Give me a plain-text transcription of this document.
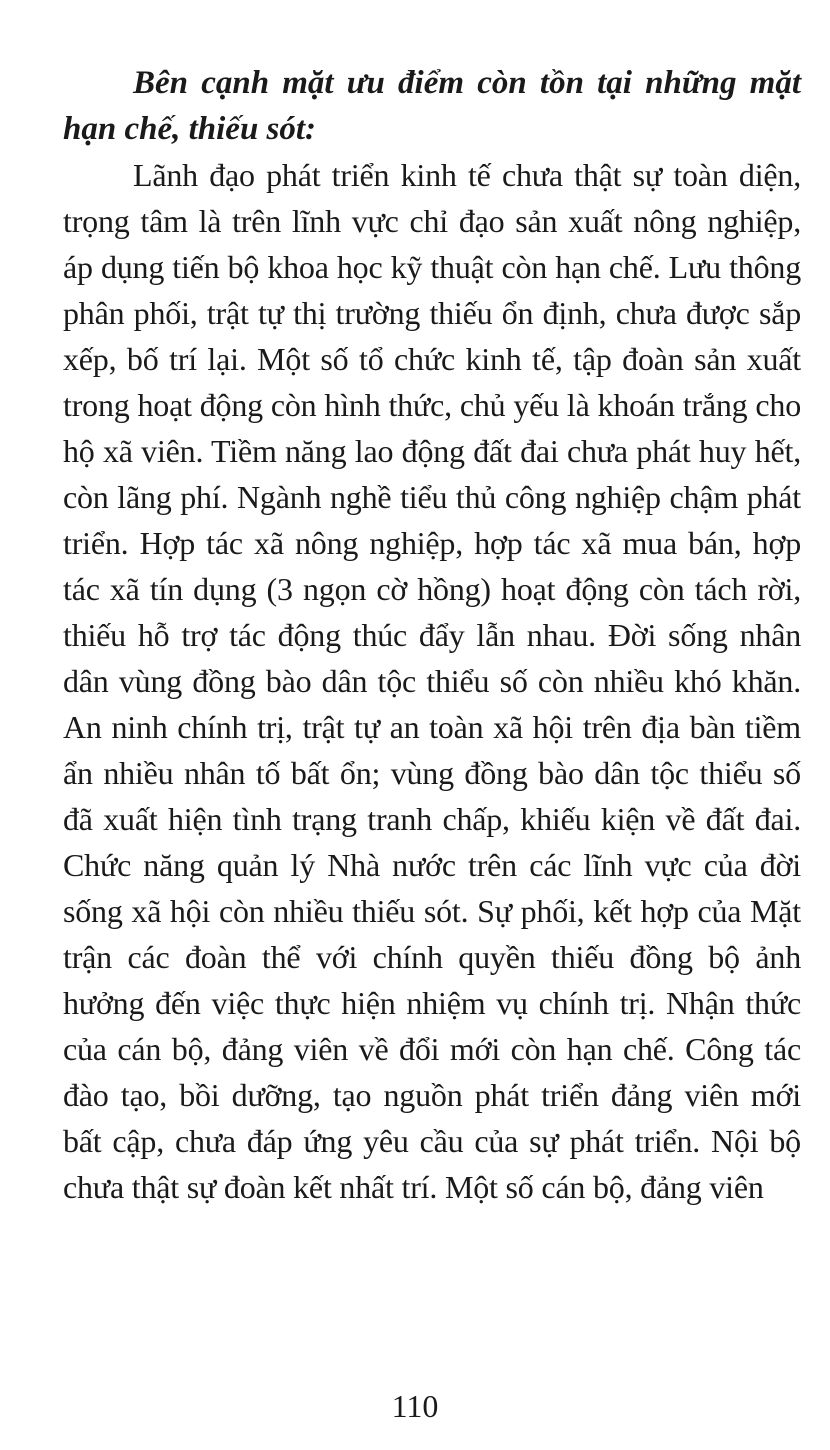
Bên cạnh mặt ưu điểm còn tồn tại những mặt hạn chế, thiếu sót:

Lãnh đạo phát triển kinh tế chưa thật sự toàn diện, trọng tâm là trên lĩnh vực chỉ đạo sản xuất nông nghiệp, áp dụng tiến bộ khoa học kỹ thuật còn hạn chế. Lưu thông phân phối, trật tự thị trường thiếu ổn định, chưa được sắp xếp, bố trí lại. Một số tổ chức kinh tế, tập đoàn sản xuất trong hoạt động còn hình thức, chủ yếu là khoán trắng cho hộ xã viên. Tiềm năng lao động đất đai chưa phát huy hết, còn lãng phí. Ngành nghề tiểu thủ công nghiệp chậm phát triển. Hợp tác xã nông nghiệp, hợp tác xã mua bán, hợp tác xã tín dụng (3 ngọn cờ hồng) hoạt động còn tách rời, thiếu hỗ trợ tác động thúc đẩy lẫn nhau. Đời sống nhân dân vùng đồng bào dân tộc thiểu số còn nhiều khó khăn. An ninh chính trị, trật tự an toàn xã hội trên địa bàn tiềm ẩn nhiều nhân tố bất ổn; vùng đồng bào dân tộc thiểu số đã xuất hiện tình trạng tranh chấp, khiếu kiện về đất đai. Chức năng quản lý Nhà nước trên các lĩnh vực của đời sống xã hội còn nhiều thiếu sót. Sự phối, kết hợp của Mặt trận các đoàn thể với chính quyền thiếu đồng bộ ảnh hưởng đến việc thực hiện nhiệm vụ chính trị. Nhận thức của cán bộ, đảng viên về đổi mới còn hạn chế. Công tác đào tạo, bồi dưỡng, tạo nguồn phát triển đảng viên mới bất cập, chưa đáp ứng yêu cầu của sự phát triển. Nội bộ chưa thật sự đoàn kết nhất trí. Một số cán bộ, đảng viên

110
